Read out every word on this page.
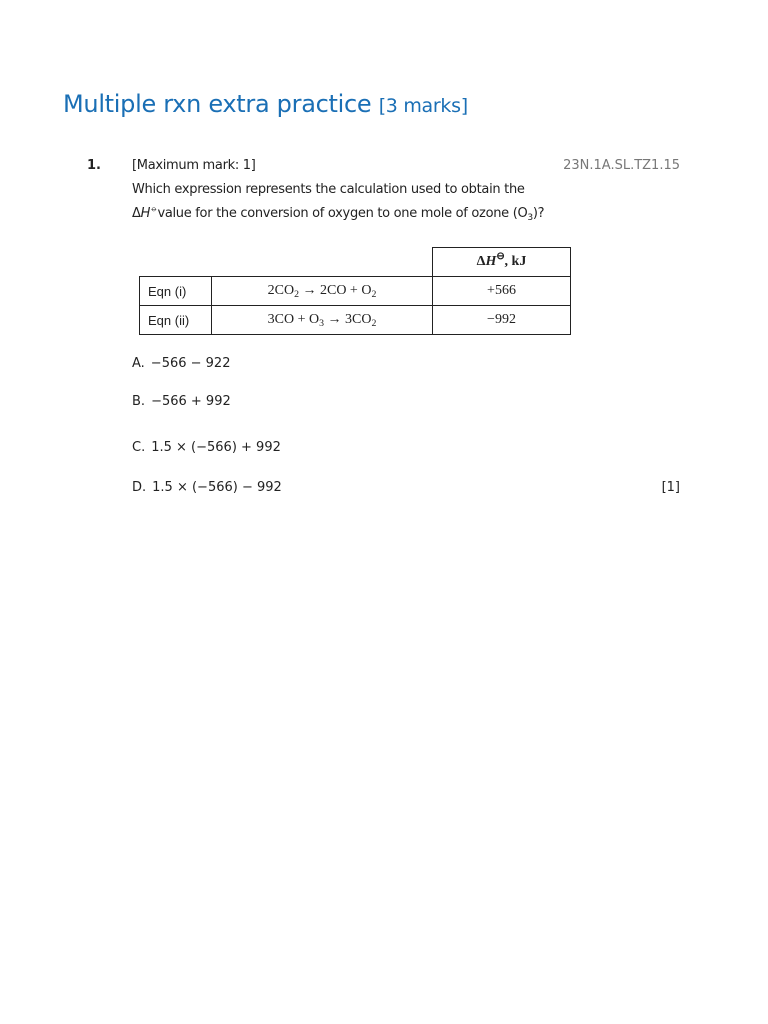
Multiple rxn extra practice [3 marks]
1. [Maximum mark: 1]	23N.1A.SL.TZ1.15
Which expression represents the calculation used to obtain the
ΔH⦵value for the conversion of oxygen to one mole of ozone $(O_3)$?
		ΔH⊖, kJ
Eqn (i)	$2CO_2 \to 2CO + O_2$	+566
Eqn (ii)	$3CO + O_3 \to 3CO_2$	−992
A. −566 − 922
B. −566 + 992
C. 1.5 × (−566) + 992
D. 1.5 × (−566) − 992	[1]
